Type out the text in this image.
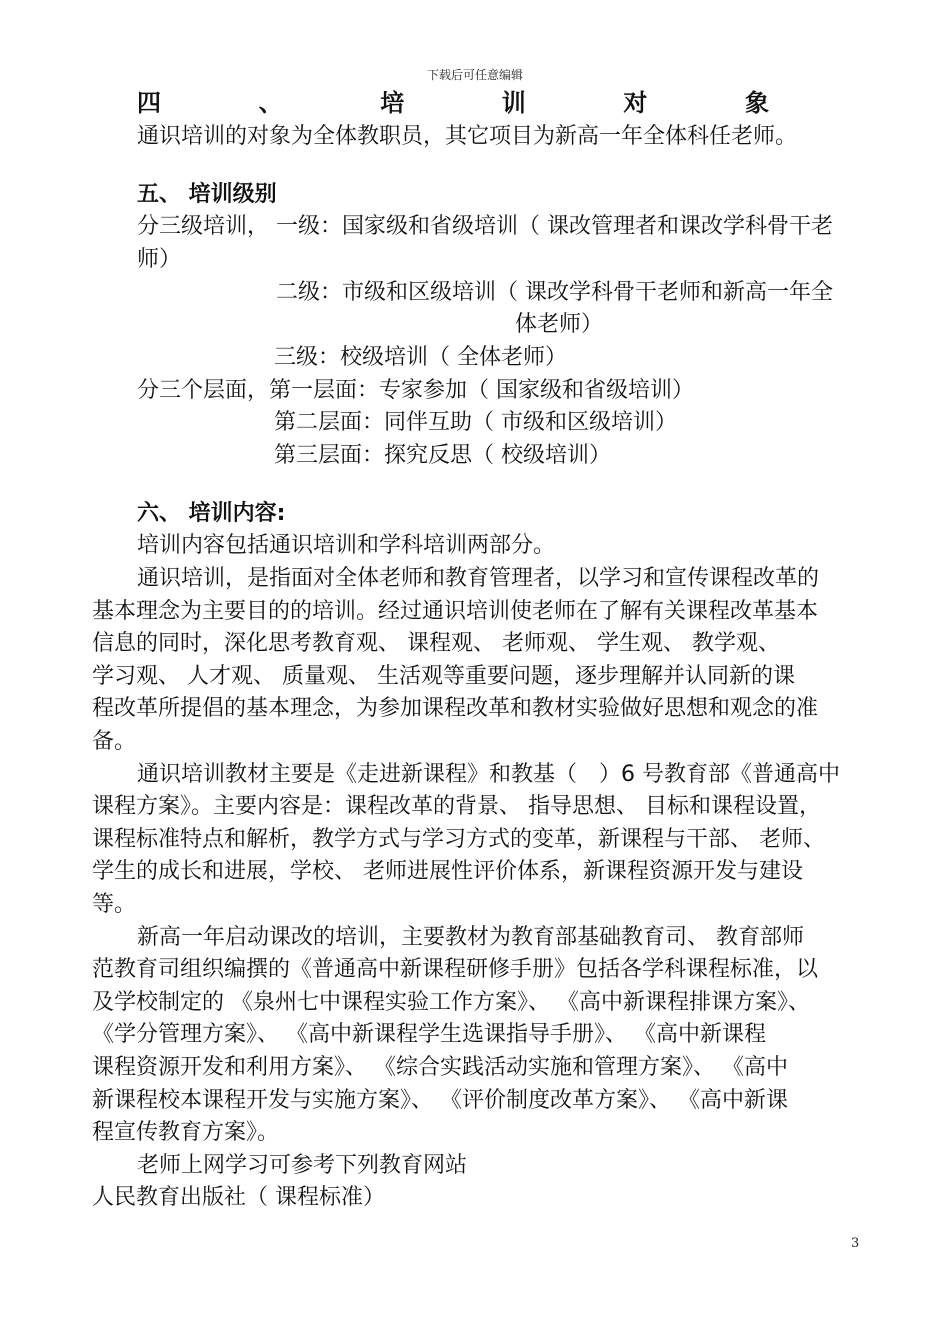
下载后可任意编辑
四	、	培	训	对	象
通识培训的对象为全体教职员，其它项目为新高一年全体科任老师。
五、 培训级别
分三级培训， 一级：国家级和省级培训（ 课改管理者和课改学科骨干老
师）
二级：市级和区级培训（ 课改学科骨干老师和新高一年全
体老师）
三级：校级培训（ 全体老师）
分三个层面，第一层面：专家参加（ 国家级和省级培训）
第二层面：同伴互助（ 市级和区级培训）
第三层面：探究反思（ 校级培训）
六、 培训内容:
培训内容包括通识培训和学科培训两部分。
通识培训，是指面对全体老师和教育管理者，以学习和宣传课程改革的
基本理念为主要目的的培训。经过通识培训使老师在了解有关课程改革基本
信息的同时，深化思考教育观、 课程观、 老师观、 学生观、 教学观、
学习观、 人才观、 质量观、 生活观等重要问题，逐步理解并认同新的课
程改革所提倡的基本理念，为参加课程改革和教材实验做好思想和观念的准
备。
通识培训教材主要是《走进新课程》和教基（　）6 号教育部《普通高中
课程方案》。主要内容是：课程改革的背景、 指导思想、 目标和课程设置，
课程标准特点和解析，教学方式与学习方式的变革，新课程与干部、 老师、
学生的成长和进展，学校、 老师进展性评价体系，新课程资源开发与建设
等。
新高一年启动课改的培训，主要教材为教育部基础教育司、 教育部师
范教育司组织编撰的《普通高中新课程研修手册》包括各学科课程标准，以
及学校制定的 《泉州七中课程实验工作方案》、 《高中新课程排课方案》、
《学分管理方案》、 《高中新课程学生选课指导手册》、 《高中新课程
课程资源开发和利用方案》、 《综合实践活动实施和管理方案》、 《高中
新课程校本课程开发与实施方案》、 《评价制度改革方案》、 《高中新课
程宣传教育方案》。
老师上网学习可参考下列教育网站
人民教育出版社（ 课程标准）
3
